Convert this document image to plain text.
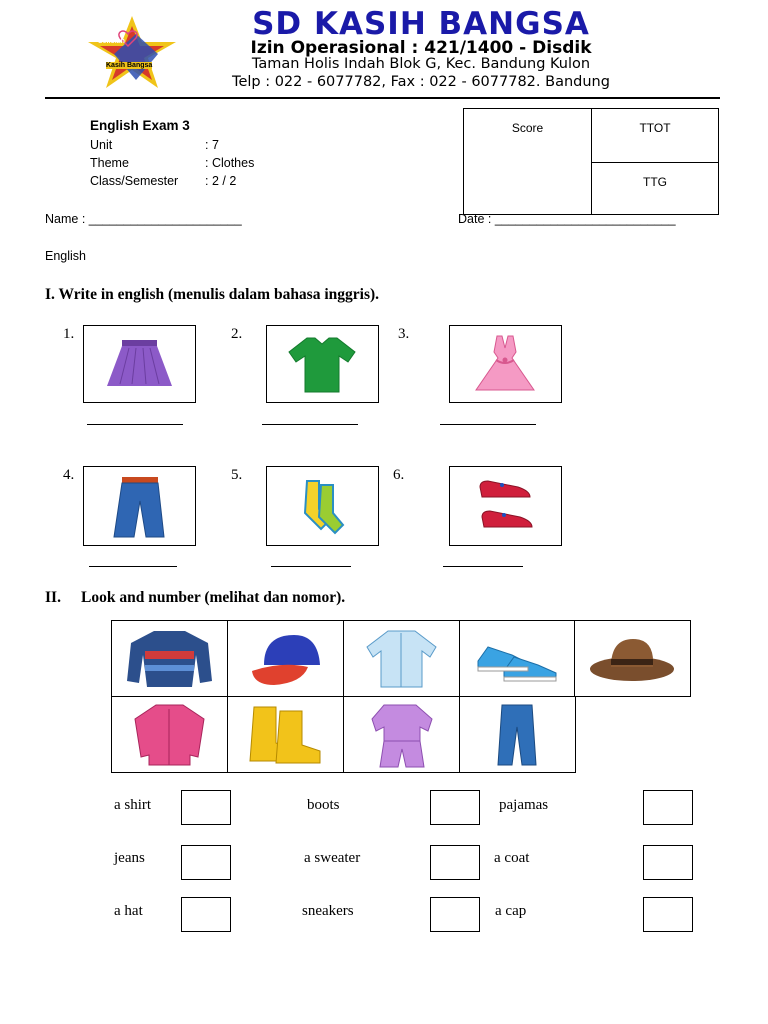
Sekolah
Kasih Bangsa
SD KASIH BANGSA
Izin Operasional : 421/1400 - Disdik
Taman Holis Indah Blok G, Kec. Bandung Kulon
Telp : 022 - 6077782, Fax : 022 - 6077782. Bandung
English Exam 3
Unit	: 7
Theme	: Clothes
Class/Semester : 2 / 2
Score	TTOT
TTG
Name : ______________________	Date : __________________________
English
I. Write in english (menulis dalam bahasa inggris).
1.	2.	3.
4.	5.	6.
II. Look and number (melihat dan nomor).
a shirt	boots	pajamas
jeans	a sweater	a coat
a hat	sneakers	a cap
